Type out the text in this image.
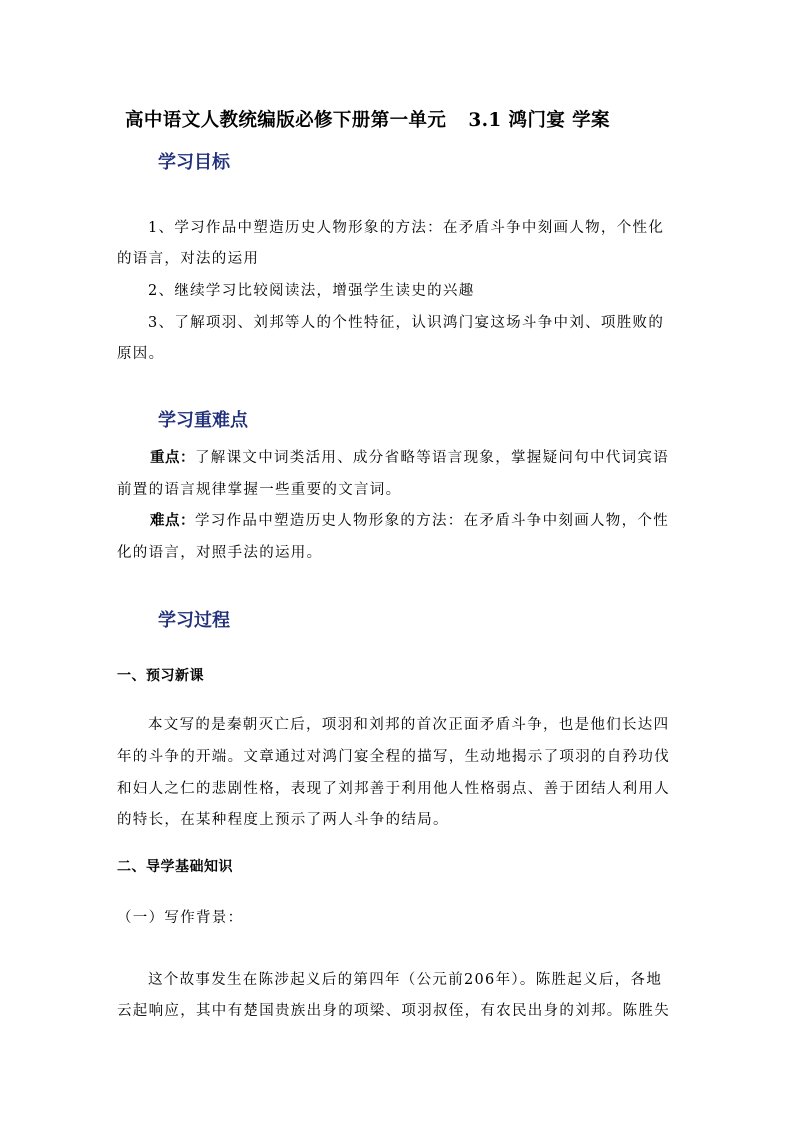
高中语文人教统编版必修下册第一单元 3.1 鸿门宴 学案
学习目标
1、学习作品中塑造历史人物形象的方法：在矛盾斗争中刻画人物，个性化
的语言，对法的运用
2、继续学习比较阅读法，增强学生读史的兴趣
3、了解项羽、刘邦等人的个性特征，认识鸿门宴这场斗争中刘、项胜败的
原因。
学习重难点
重点：了解课文中词类活用、成分省略等语言现象，掌握疑问句中代词宾语
前置的语言规律掌握一些重要的文言词。
难点：学习作品中塑造历史人物形象的方法：在矛盾斗争中刻画人物，个性
化的语言，对照手法的运用。
学习过程
一、预习新课
本文写的是秦朝灭亡后，项羽和刘邦的首次正面矛盾斗争，也是他们长达四
年的斗争的开端。文章通过对鸿门宴全程的描写，生动地揭示了项羽的自矜功伐
和妇人之仁的悲剧性格，表现了刘邦善于利用他人性格弱点、善于团结人利用人
的特长，在某种程度上预示了两人斗争的结局。
二、导学基础知识
（一）写作背景：
这个故事发生在陈涉起义后的第四年（公元前206年）。陈胜起义后，各地
云起响应，其中有楚国贵族出身的项梁、项羽叔侄，有农民出身的刘邦。陈胜失
